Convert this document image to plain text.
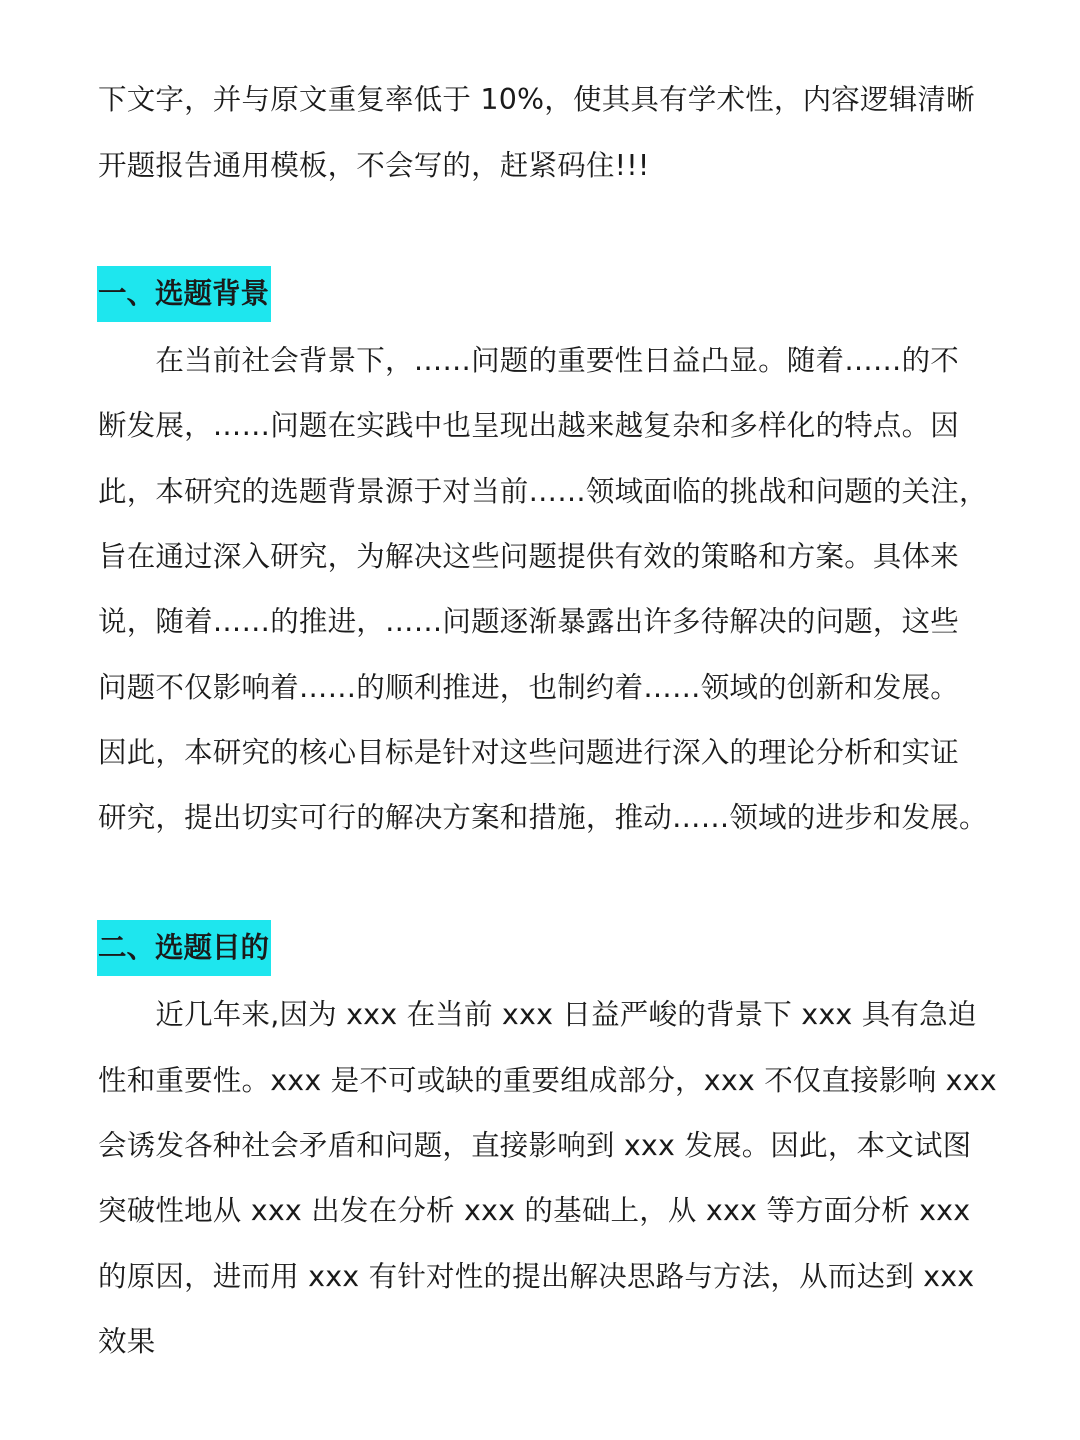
下文字，并与原文重复率低于 10%，使其具有学术性，内容逻辑清晰
开题报告通用模板，不会写的，赶紧码住!!!
一、选题背景
　　在当前社会背景下，……问题的重要性日益凸显。随着……的不
断发展，……问题在实践中也呈现出越来越复杂和多样化的特点。因
此，本研究的选题背景源于对当前……领域面临的挑战和问题的关注，
旨在通过深入研究，为解决这些问题提供有效的策略和方案。具体来
说，随着……的推进，……问题逐渐暴露出许多待解决的问题，这些
问题不仅影响着……的顺利推进，也制约着……领域的创新和发展。
因此，本研究的核心目标是针对这些问题进行深入的理论分析和实证
研究，提出切实可行的解决方案和措施，推动……领域的进步和发展。
二、选题目的
　　近几年来,因为 xxx 在当前 xxx 日益严峻的背景下 xxx 具有急迫
性和重要性。xxx 是不可或缺的重要组成部分，xxx 不仅直接影响 xxx
会诱发各种社会矛盾和问题，直接影响到 xxx 发展。因此，本文试图
突破性地从 xxx 出发在分析 xxx 的基础上，从 xxx 等方面分析 xxx
的原因，进而用 xxx 有针对性的提出解决思路与方法，从而达到 xxx
效果
